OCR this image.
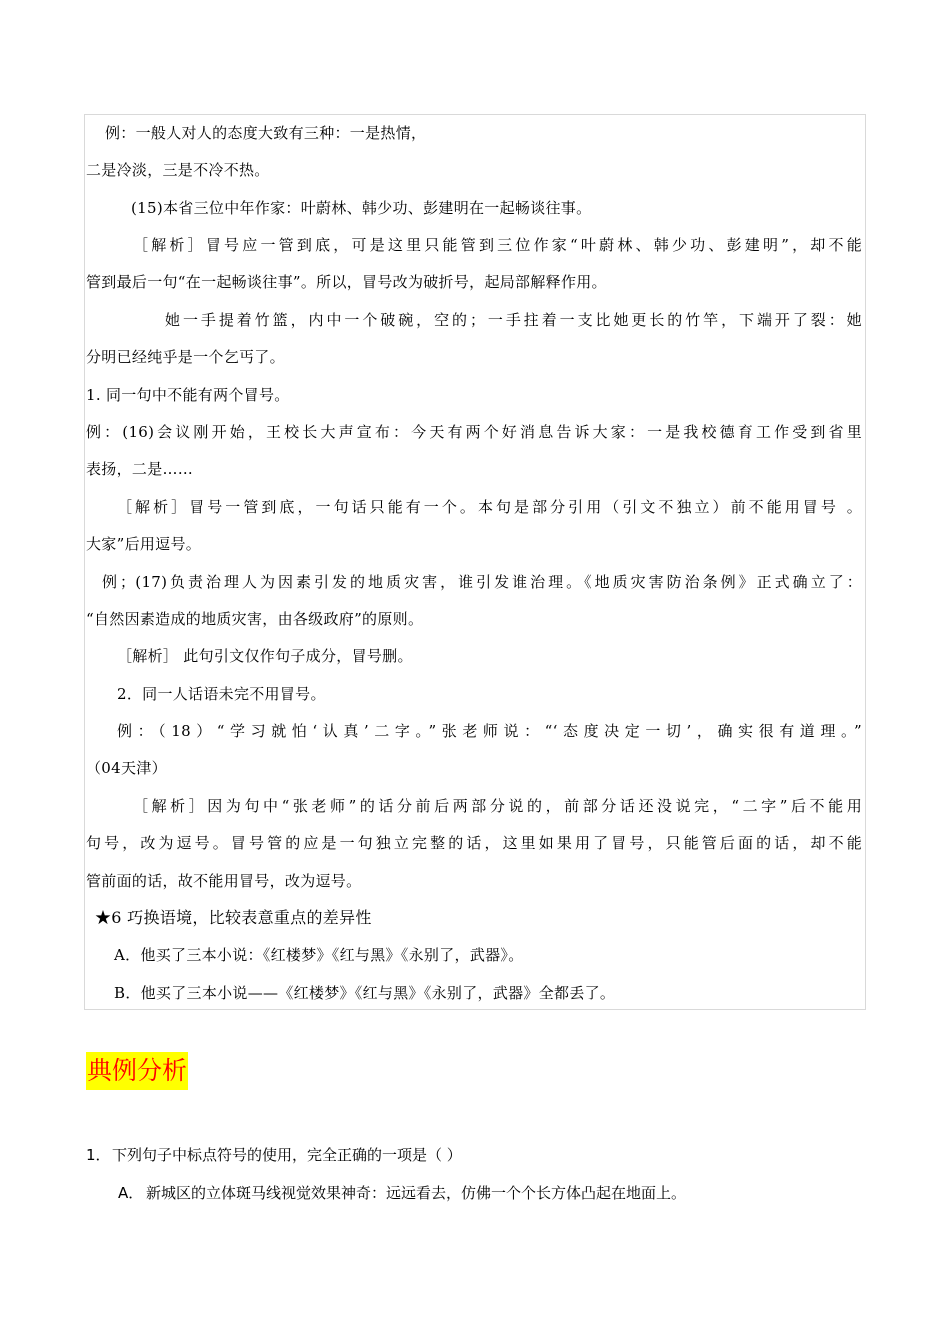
例：一般人对人的态度大致有三种：一是热情，
二是冷淡，三是不冷不热。
(15)本省三位中年作家：叶蔚林、韩少功、彭建明在一起畅谈往事。
［解析］冒号应一管到底，可是这里只能管到三位作家“叶蔚林、韩少功、彭建明”，却不能
管到最后一句“在一起畅谈往事”。所以，冒号改为破折号，起局部解释作用。
她一手提着竹篮，内中一个破碗，空的；一手拄着一支比她更长的竹竿，下端开了裂：她
分明已经纯乎是一个乞丐了。
1. 同一句中不能有两个冒号。
例：(16)会议刚开始，王校长大声宣布：今天有两个好消息告诉大家：一是我校德育工作受到省里
表扬，二是……
［解析］冒号一管到底，一句话只能有一个。本句是部分引用（引文不独立）前不能用冒号 。
大家”后用逗号。
例；(17)负责治理人为因素引发的地质灾害，谁引发谁治理。《地质灾害防治条例》正式确立了：
“自然因素造成的地质灾害，由各级政府”的原则。
［解析］ 此句引文仅作句子成分，冒号删。
2．同一人话语未完不用冒号。
例：（18）“学习就怕‘认真’二字。”张老师说：“‘态度决定一切’，确实很有道理。”
（04天津）
［解析］因为句中“张老师”的话分前后两部分说的，前部分话还没说完，“二字”后不能用
句号，改为逗号。冒号管的应是一句独立完整的话，这里如果用了冒号，只能管后面的话，却不能
管前面的话，故不能用冒号，改为逗号。
★6 巧换语境，比较表意重点的差异性
A．他买了三本小说：《红楼梦》《红与黑》《永别了，武器》。
B．他买了三本小说——《红楼梦》《红与黑》《永别了，武器》全都丢了。
典例分析
1． 下列句子中标点符号的使用，完全正确的一项是（ ）
A． 新城区的立体斑马线视觉效果神奇：远远看去，仿佛一个个长方体凸起在地面上。
